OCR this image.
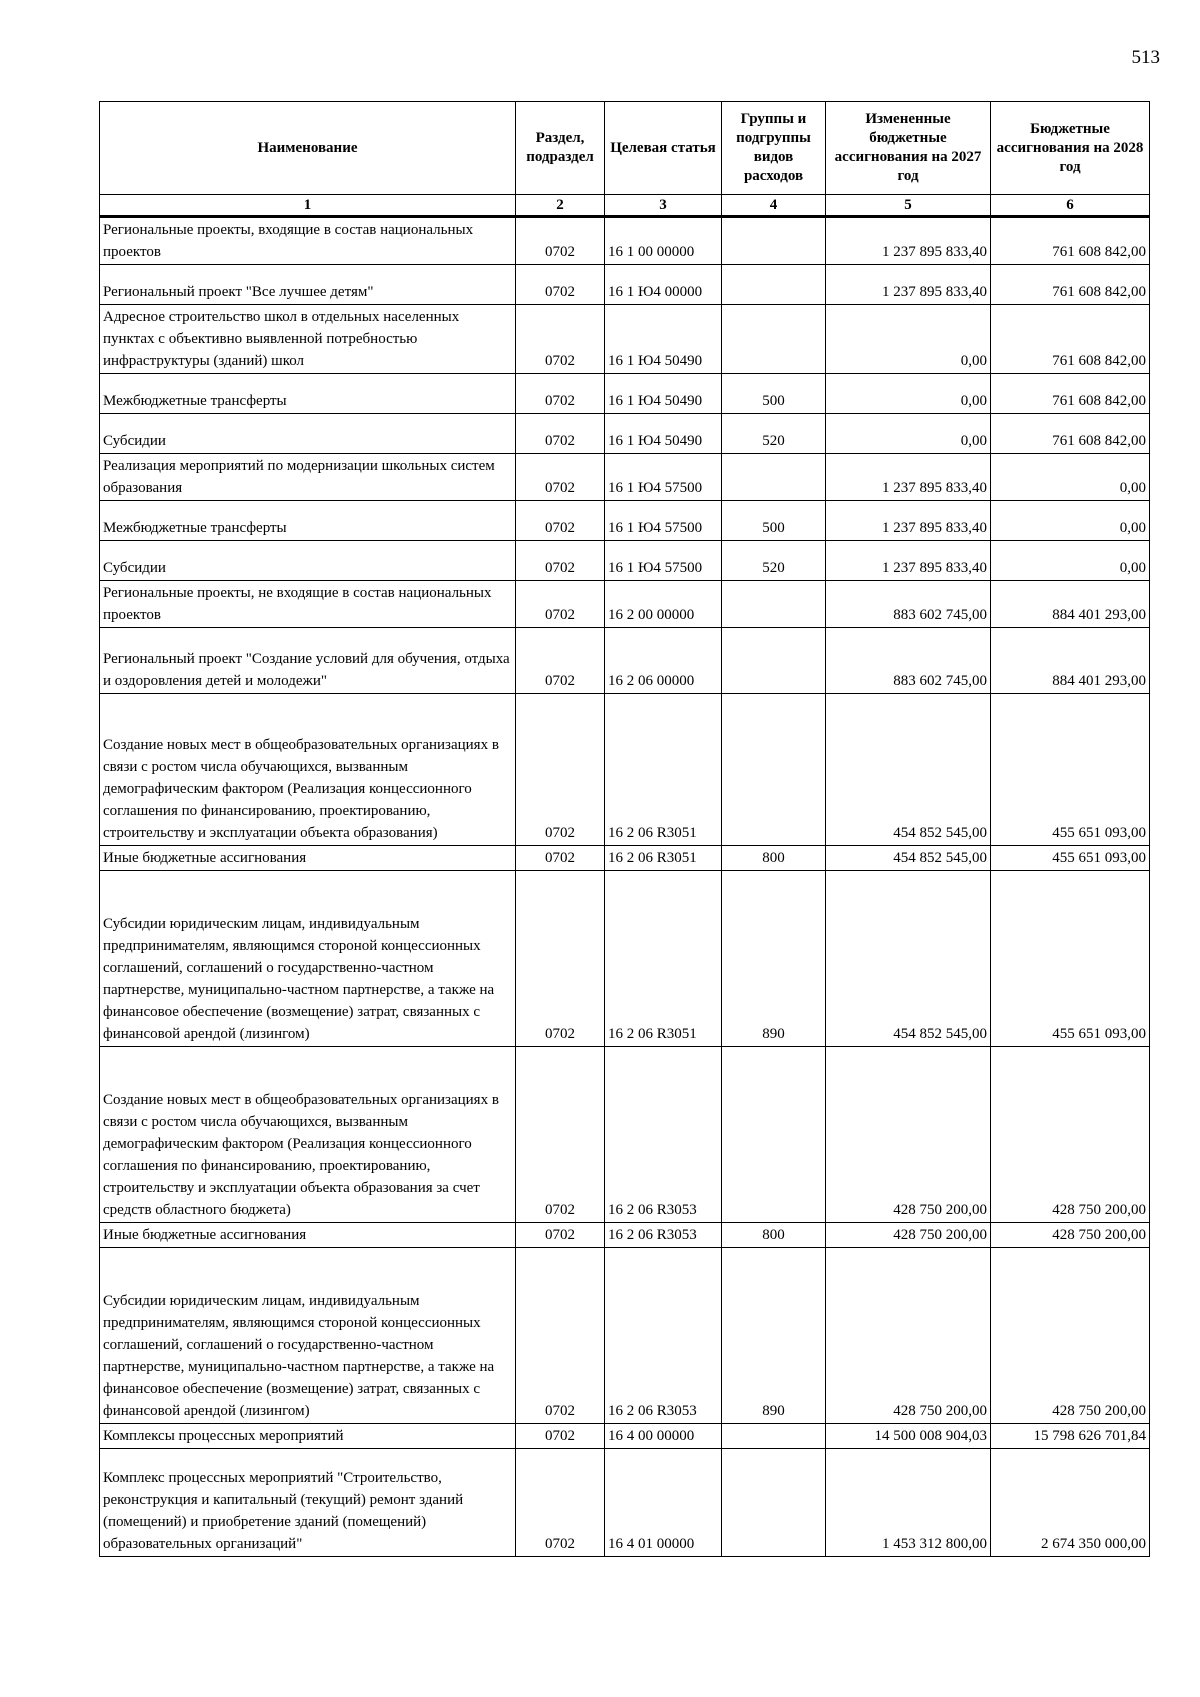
513
Наименование	Раздел, подраздел	Целевая статья	Группы и подгруппы видов расходов	Измененные бюджетные ассигнования на 2027 год	Бюджетные ассигнования на 2028 год
1	2	3	4	5	6
Региональные проекты, входящие в состав национальных проектов	0702	16 1 00 00000		1 237 895 833,40	761 608 842,00
Региональный проект "Все лучшее детям"	0702	16 1 Ю4 00000		1 237 895 833,40	761 608 842,00
Адресное строительство школ в отдельных населенных пунктах с объективно выявленной потребностью инфраструктуры (зданий) школ	0702	16 1 Ю4 50490		0,00	761 608 842,00
Межбюджетные трансферты	0702	16 1 Ю4 50490	500	0,00	761 608 842,00
Субсидии	0702	16 1 Ю4 50490	520	0,00	761 608 842,00
Реализация мероприятий по модернизации школьных систем образования	0702	16 1 Ю4 57500		1 237 895 833,40	0,00
Межбюджетные трансферты	0702	16 1 Ю4 57500	500	1 237 895 833,40	0,00
Субсидии	0702	16 1 Ю4 57500	520	1 237 895 833,40	0,00
Региональные проекты, не входящие в состав национальных проектов	0702	16 2 00 00000		883 602 745,00	884 401 293,00
Региональный проект "Создание условий для обучения, отдыха и оздоровления детей и молодежи"	0702	16 2 06 00000		883 602 745,00	884 401 293,00
Создание новых мест в общеобразовательных организациях в связи с ростом числа обучающихся, вызванным демографическим фактором (Реализация концессионного соглашения по финансированию, проектированию, строительству и эксплуатации объекта образования)	0702	16 2 06 R3051		454 852 545,00	455 651 093,00
Иные бюджетные ассигнования	0702	16 2 06 R3051	800	454 852 545,00	455 651 093,00
Субсидии юридическим лицам, индивидуальным предпринимателям, являющимся стороной концессионных соглашений, соглашений о государственно-частном партнерстве, муниципально-частном партнерстве, а также на финансовое обеспечение (возмещение) затрат, связанных с финансовой арендой (лизингом)	0702	16 2 06 R3051	890	454 852 545,00	455 651 093,00
Создание новых мест в общеобразовательных организациях в связи с ростом числа обучающихся, вызванным демографическим фактором (Реализация концессионного соглашения по финансированию, проектированию, строительству и эксплуатации объекта образования за счет средств областного бюджета)	0702	16 2 06 R3053		428 750 200,00	428 750 200,00
Иные бюджетные ассигнования	0702	16 2 06 R3053	800	428 750 200,00	428 750 200,00
Субсидии юридическим лицам, индивидуальным предпринимателям, являющимся стороной концессионных соглашений, соглашений о государственно-частном партнерстве, муниципально-частном партнерстве, а также на финансовое обеспечение (возмещение) затрат, связанных с финансовой арендой (лизингом)	0702	16 2 06 R3053	890	428 750 200,00	428 750 200,00
Комплексы процессных мероприятий	0702	16 4 00 00000		14 500 008 904,03	15 798 626 701,84
Комплекс процессных мероприятий "Строительство, реконструкция и капитальный (текущий) ремонт зданий (помещений) и приобретение зданий (помещений) образовательных организаций"	0702	16 4 01 00000		1 453 312 800,00	2 674 350 000,00
